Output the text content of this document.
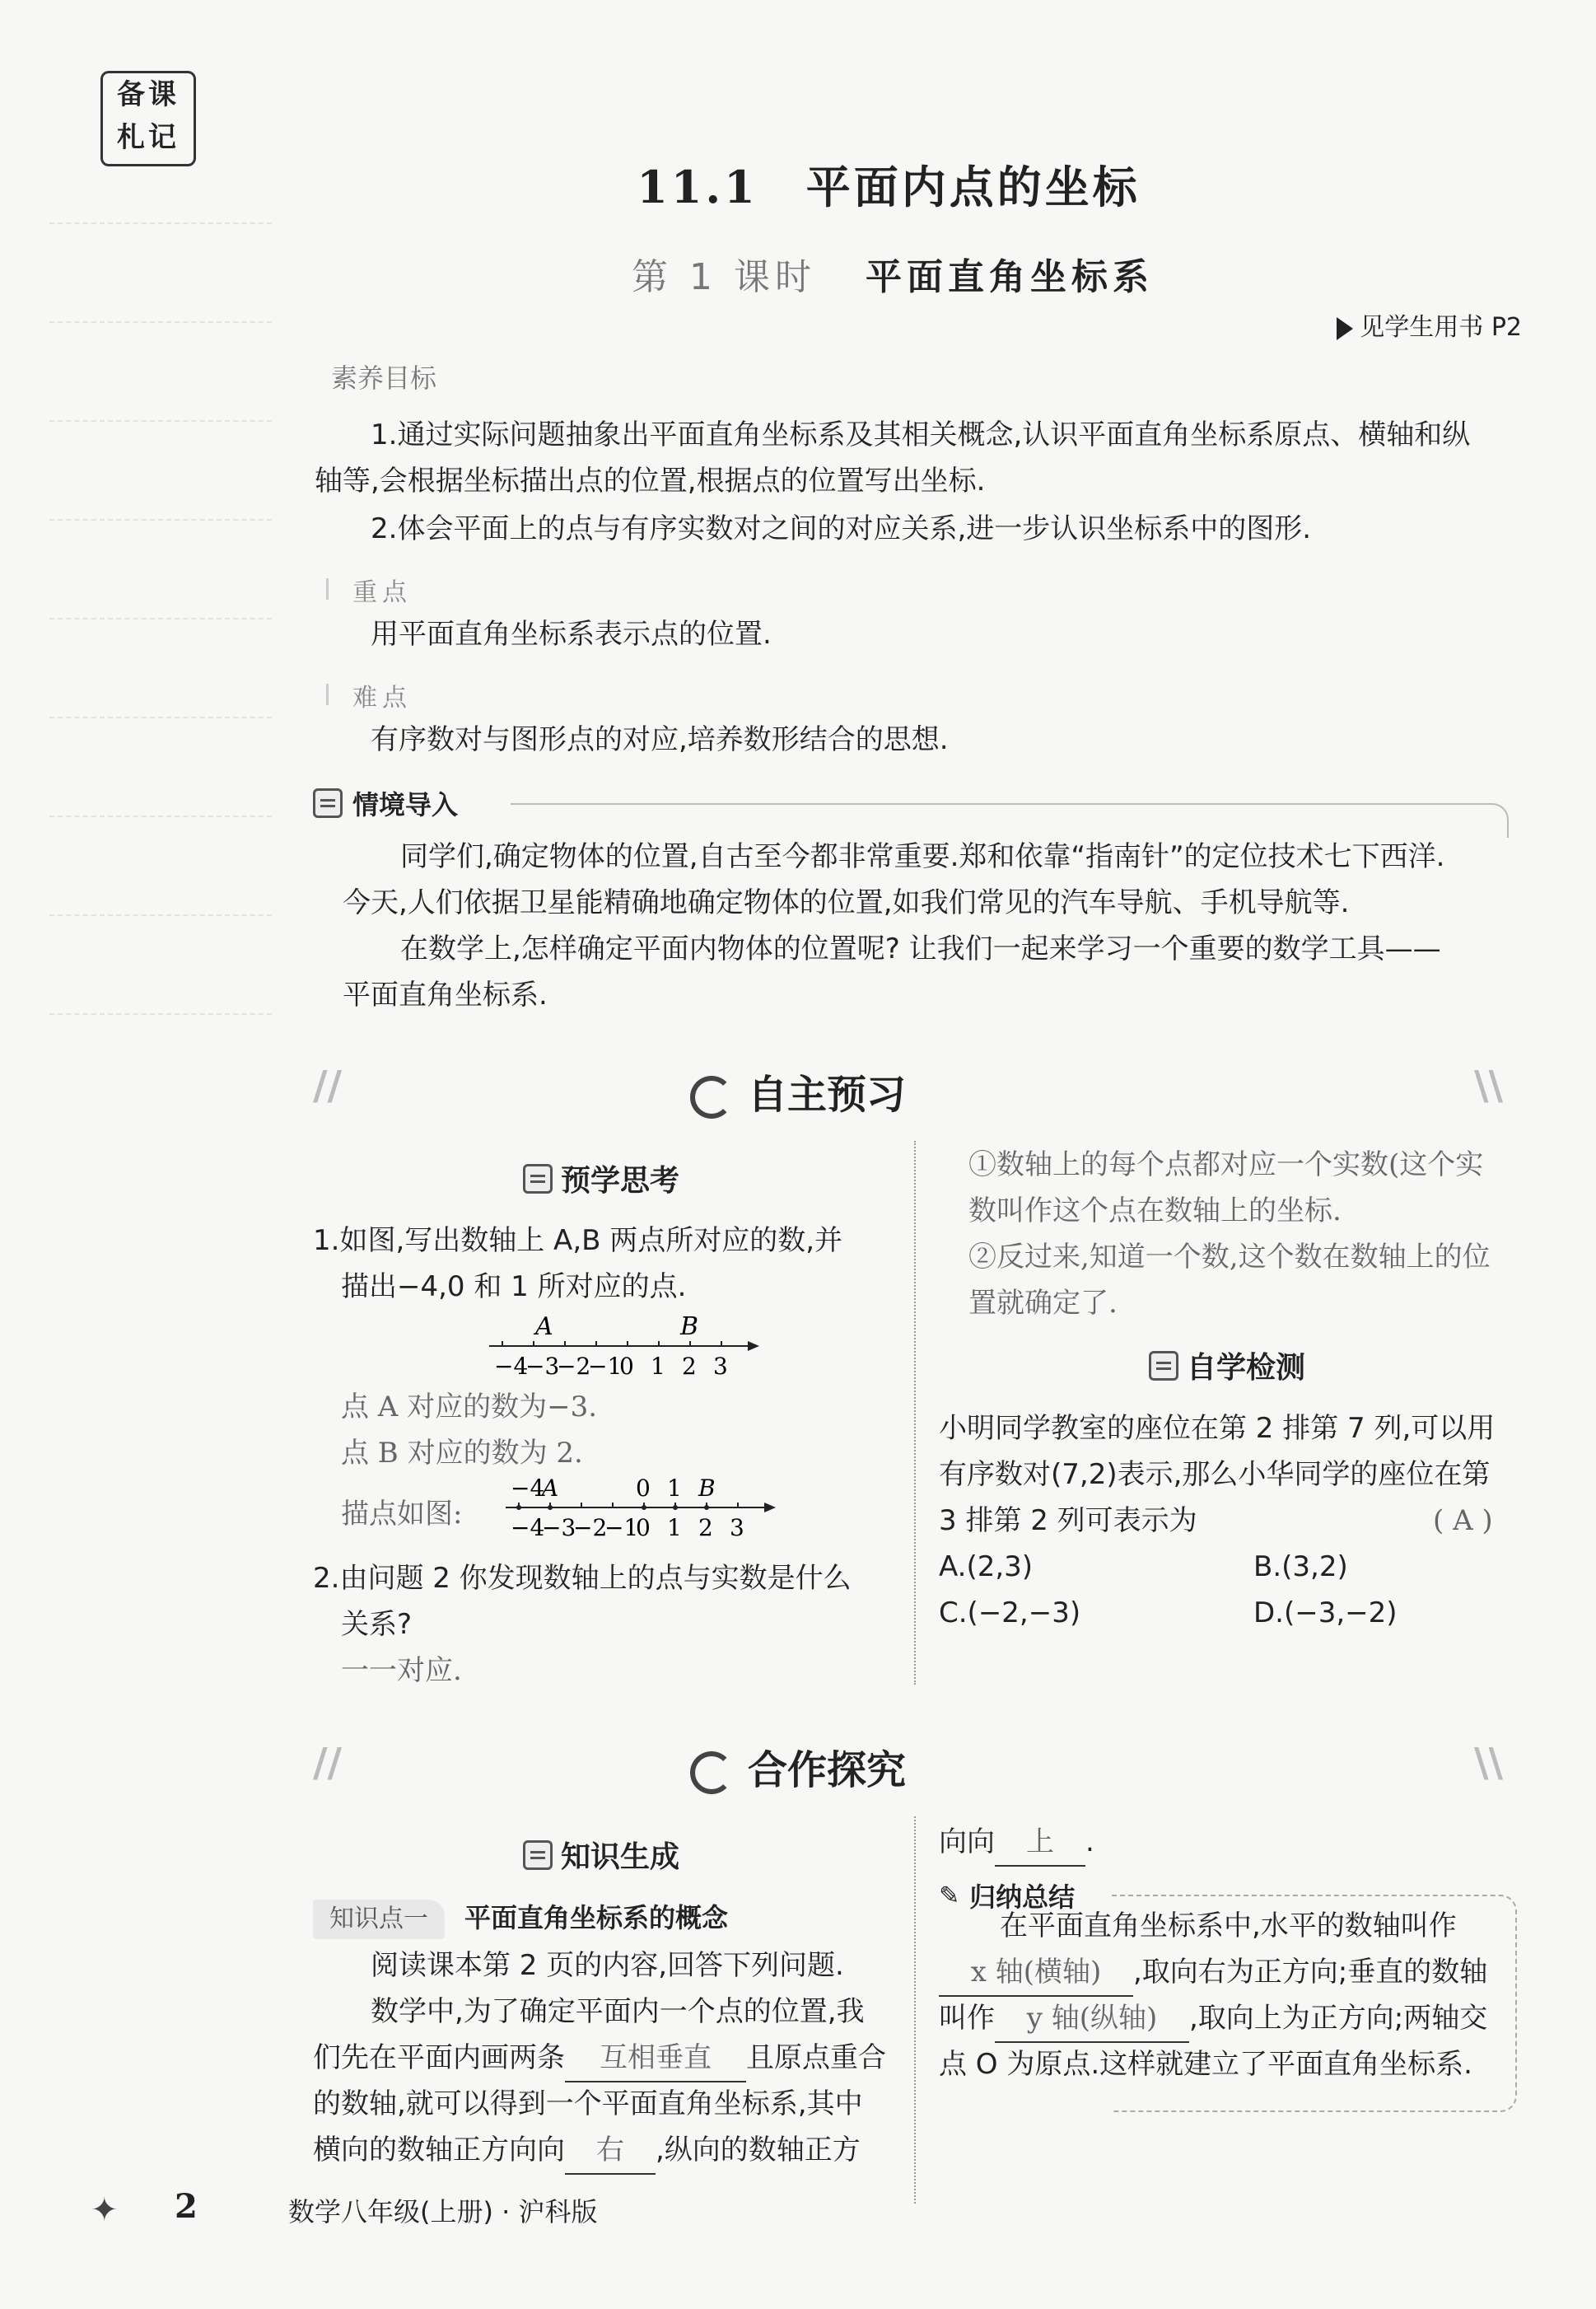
备课
札记
11.1　平面内点的坐标
第 1 课时 平面直角坐标系
见学生用书 P2
素养目标
1.通过实际问题抽象出平面直角坐标系及其相关概念,认识平面直角坐标系原点、横轴和纵
轴等,会根据坐标描出点的位置,根据点的位置写出坐标.
2.体会平面上的点与有序实数对之间的对应关系,进一步认识坐标系中的图形.
重点
用平面直角坐标系表示点的位置.
难点
有序数对与图形点的对应,培养数形结合的思想.
情境导入
同学们,确定物体的位置,自古至今都非常重要.郑和依靠“指南针”的定位技术七下西洋.
今天,人们依据卫星能精确地确定物体的位置,如我们常见的汽车导航、手机导航等.
在数学上,怎样确定平面内物体的位置呢? 让我们一起来学习一个重要的数学工具——
平面直角坐标系.
//	\\
自主预习
预学思考
1.如图,写出数轴上 A,B 两点所对应的数,并
描出−4,0 和 1 所对应的点.
A	B
−4
−3
−2
−1
0 1 2 3
点 A 对应的数为−3.
点 B 对应的数为 2.
描点如图:
−4
A	0 1 B
−4
−3
−2
−1
0 1 2 3
2.由问题 2 你发现数轴上的点与实数是什么
关系?
一一对应.
①数轴上的每个点都对应一个实数(这个实
数叫作这个点在数轴上的坐标.
②反过来,知道一个数,这个数在数轴上的位
置就确定了.
自学检测
小明同学教室的座位在第 2 排第 7 列,可以用
有序数对(7,2)表示,那么小华同学的座位在第
3 排第 2 列可表示为	( A )
A.(2,3)	B.(3,2)
C.(−2,−3)	D.(−3,−2)
//	\\
合作探究
知识生成
知识点一 平面直角坐标系的概念
阅读课本第 2 页的内容,回答下列问题.
数学中,为了确定平面内一个点的位置,我
们先在平面内画两条 互相垂直 且原点重合
的数轴,就可以得到一个平面直角坐标系,其中
横向的数轴正方向向 右 ,纵向的数轴正方
向向 上 .
✎ 归纳总结
在平面直角坐标系中,水平的数轴叫作
x 轴(横轴) ,取向右为正方向;垂直的数轴
叫作 y 轴(纵轴) ,取向上为正方向;两轴交
点 O 为原点.这样就建立了平面直角坐标系.
✦ 2	数学八年级(上册) · 沪科版
